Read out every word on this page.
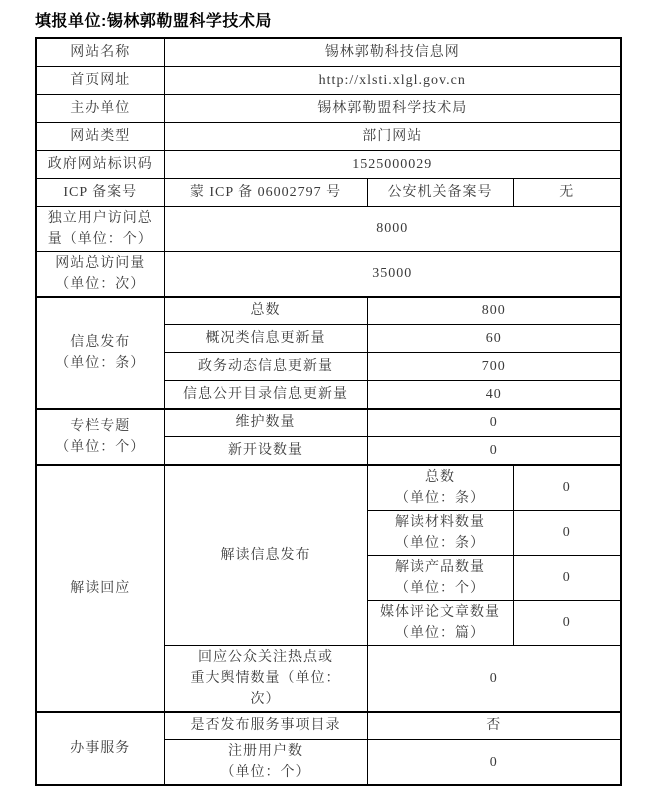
填报单位:锡林郭勒盟科学技术局
网站名称	锡林郭勒科技信息网		
首页网址	http://xlsti.xlgl.gov.cn		
主办单位	锡林郭勒盟科学技术局		
网站类型	部门网站		
政府网站标识码	1525000029		
ICP 备案号	蒙 ICP 备 06002797 号	公安机关备案号	无
独立用户访问总
量（单位：个）	8000		
网站总访问量
（单位：次）	35000		
信息发布
（单位：条）	总数	800	
	概况类信息更新量	60	
	政务动态信息更新量	700	
	信息公开目录信息更新量	40	
专栏专题
（单位：个）	维护数量	0	
	新开设数量	0	
解读回应	解读信息发布	总数
（单位：条）	0
		解读材料数量
（单位：条）	0
		解读产品数量
（单位：个）	0
		媒体评论文章数量
（单位：篇）	0
	回应公众关注热点或
重大舆情数量（单位：
次）	0	
办事服务	是否发布服务事项目录	否	
	注册用户数
（单位：个）	0	
